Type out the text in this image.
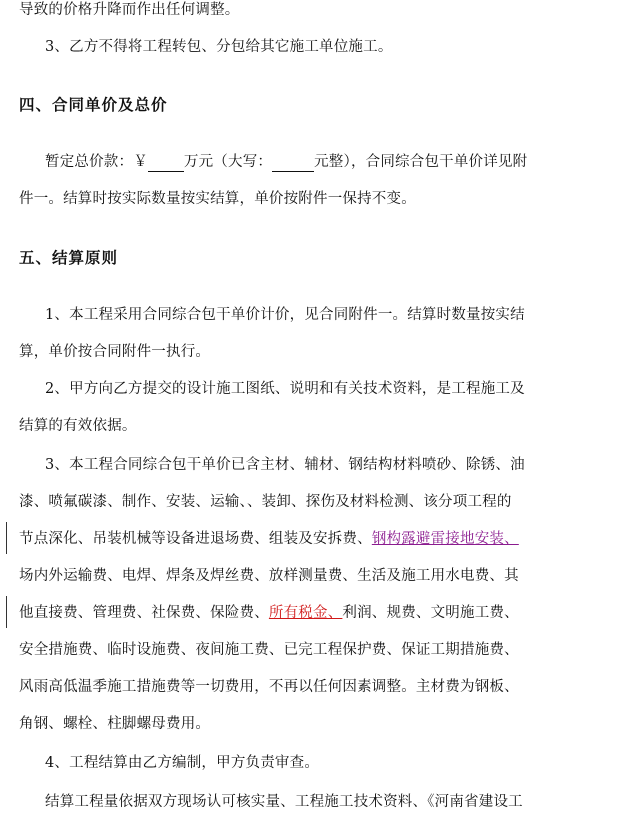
导致的价格升降而作出任何调整。
3、乙方不得将工程转包、分包给其它施工单位施工。
四、合同单价及总价
暂定总价款：￥ 万元（大写：	元整），合同综合包干单价详见附
件一。结算时按实际数量按实结算，单价按附件一保持不变。
五、结算原则
1、本工程采用合同综合包干单价计价，见合同附件一。结算时数量按实结
算，单价按合同附件一执行。
2、甲方向乙方提交的设计施工图纸、说明和有关技术资料，是工程施工及
结算的有效依据。
3、本工程合同综合包干单价已含主材、辅材、钢结构材料喷砂、除锈、油
漆、喷氟碳漆、制作、安装、运输、、装卸、探伤及材料检测、该分项工程的
节点深化、吊装机械等设备进退场费、组装及安拆费、钢构露避雷接地安装、
场内外运输费、电焊、焊条及焊丝费、放样测量费、生活及施工用水电费、其
他直接费、管理费、社保费、保险费、所有税金、利润、规费、文明施工费、
安全措施费、临时设施费、夜间施工费、已完工程保护费、保证工期措施费、
风雨高低温季施工措施费等一切费用，不再以任何因素调整。主材费为钢板、
角钢、螺栓、柱脚螺母费用。
4、工程结算由乙方编制，甲方负责审查。
结算工程量依据双方现场认可核实量、工程施工技术资料、《河南省建设工
